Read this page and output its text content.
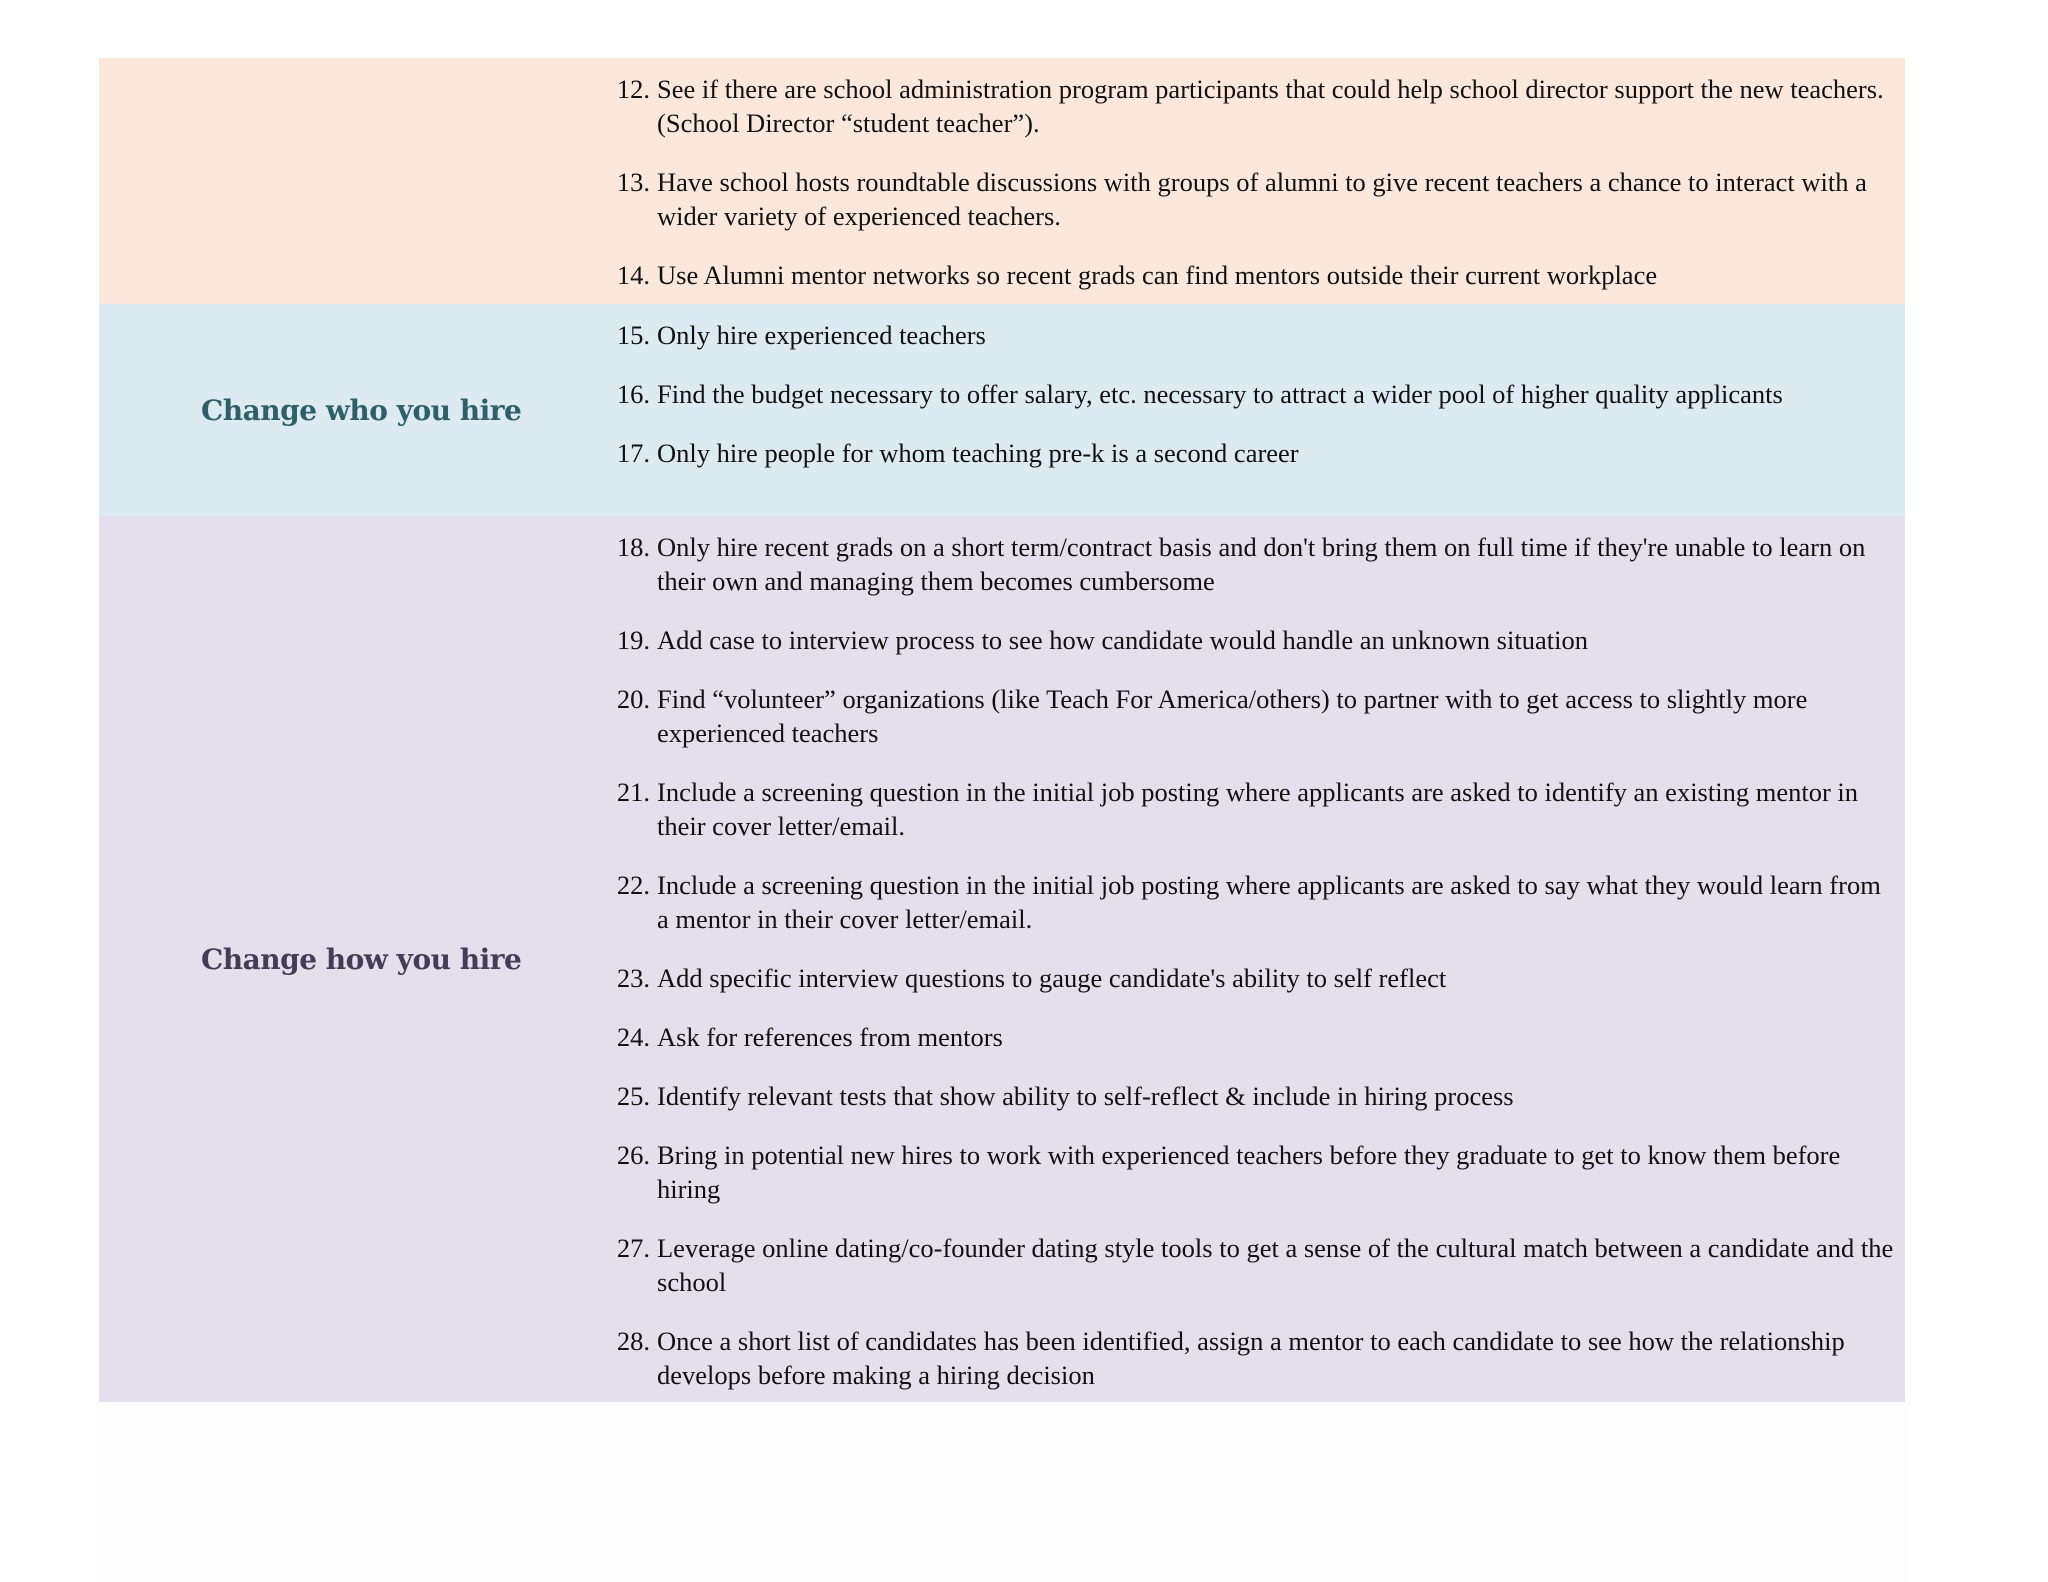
12. See if there are school administration program participants that could help school director support the new teachers. (School Director “student teacher”).
13. Have school hosts roundtable discussions with groups of alumni to give recent teachers a chance to interact with a wider variety of experienced teachers.
14. Use Alumni mentor networks so recent grads can find mentors outside their current workplace
Change who you hire
15. Only hire experienced teachers
16. Find the budget necessary to offer salary, etc. necessary to attract a wider pool of higher quality applicants
17. Only hire people for whom teaching pre-k is a second career
Change how you hire
18. Only hire recent grads on a short term/contract basis and don't bring them on full time if they're unable to learn on their own and managing them becomes cumbersome
19. Add case to interview process to see how candidate would handle an unknown situation
20. Find “volunteer” organizations (like Teach For America/others) to partner with to get access to slightly more experienced teachers
21. Include a screening question in the initial job posting where applicants are asked to identify an existing mentor in their cover letter/email.
22. Include a screening question in the initial job posting where applicants are asked to say what they would learn from a mentor in their cover letter/email.
23. Add specific interview questions to gauge candidate's ability to self reflect
24. Ask for references from mentors
25. Identify relevant tests that show ability to self-reflect & include in hiring process
26. Bring in potential new hires to work with experienced teachers before they graduate to get to know them before hiring
27. Leverage online dating/co-founder dating style tools to get a sense of the cultural match between a candidate and the school
28. Once a short list of candidates has been identified, assign a mentor to each candidate to see how the relationship develops before making a hiring decision
